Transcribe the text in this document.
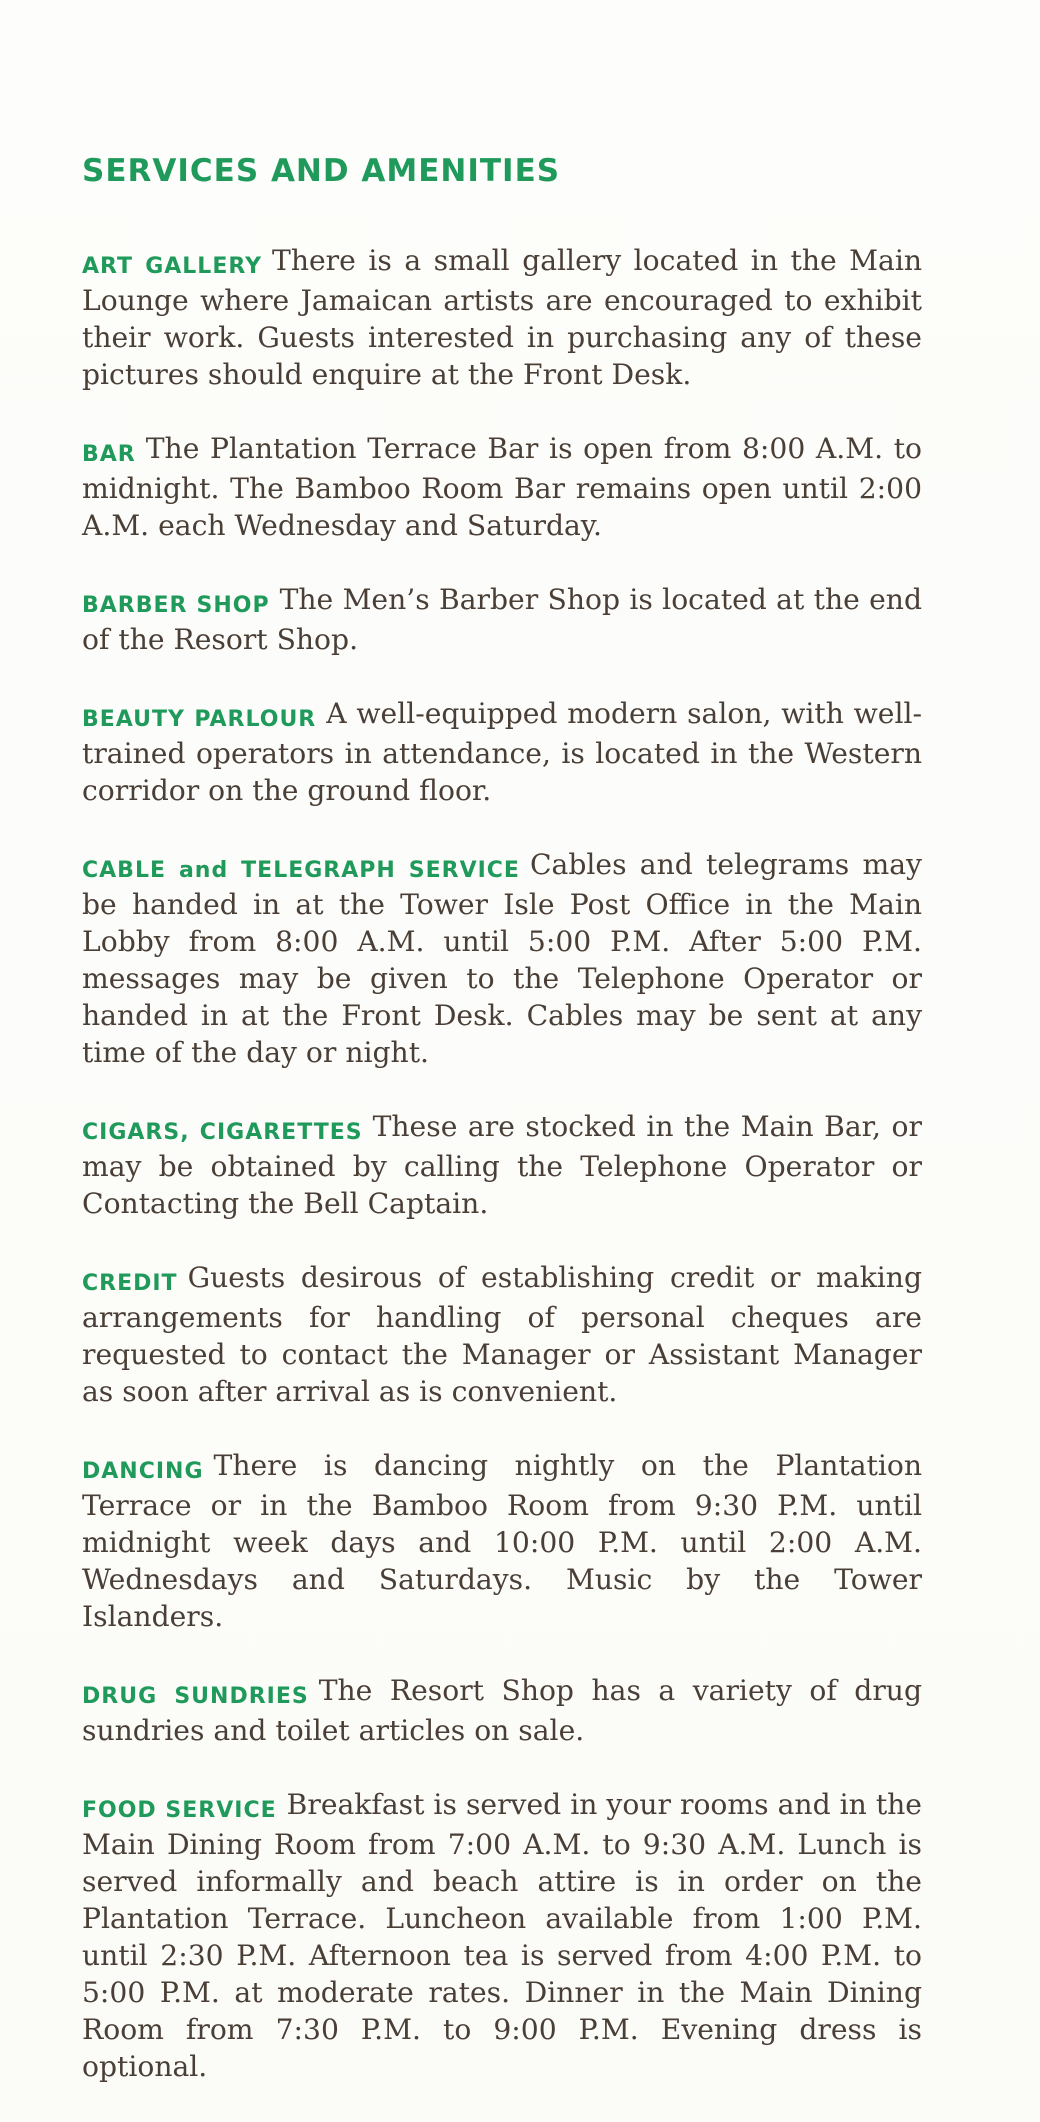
SERVICES AND AMENITIES

ART GALLERY There is a small gallery located in the Main Lounge where Jamaican artists are encouraged to exhibit their work. Guests interested in purchasing any of these pictures should enquire at the Front Desk.

BAR The Plantation Terrace Bar is open from 8:00 A.M. to midnight. The Bamboo Room Bar remains open until 2:00 A.M. each Wednesday and Saturday.

BARBER SHOP The Men’s Barber Shop is located at the end of the Resort Shop.

BEAUTY PARLOUR A well-equipped modern salon, with well-trained operators in attendance, is located in the Western corridor on the ground floor.

CABLE and TELEGRAPH SERVICE Cables and telegrams may be handed in at the Tower Isle Post Office in the Main Lobby from 8:00 A.M. until 5:00 P.M. After 5:00 P.M. messages may be given to the Telephone Operator or handed in at the Front Desk. Cables may be sent at any time of the day or night.

CIGARS, CIGARETTES These are stocked in the Main Bar, or may be obtained by calling the Telephone Operator or Contacting the Bell Captain.

CREDIT Guests desirous of establishing credit or making arrangements for handling of personal cheques are requested to contact the Manager or Assistant Manager as soon after arrival as is convenient.

DANCING There is dancing nightly on the Plantation Terrace or in the Bamboo Room from 9:30 P.M. until midnight week days and 10:00 P.M. until 2:00 A.M. Wednesdays and Saturdays. Music by the Tower Islanders.

DRUG SUNDRIES The Resort Shop has a variety of drug sundries and toilet articles on sale.

FOOD SERVICE Breakfast is served in your rooms and in the Main Dining Room from 7:00 A.M. to 9:30 A.M. Lunch is served informally and beach attire is in order on the Plantation Terrace. Luncheon available from 1:00 P.M. until 2:30 P.M. Afternoon tea is served from 4:00 P.M. to 5:00 P.M. at moderate rates. Dinner in the Main Dining Room from 7:30 P.M. to 9:00 P.M. Evening dress is optional.
